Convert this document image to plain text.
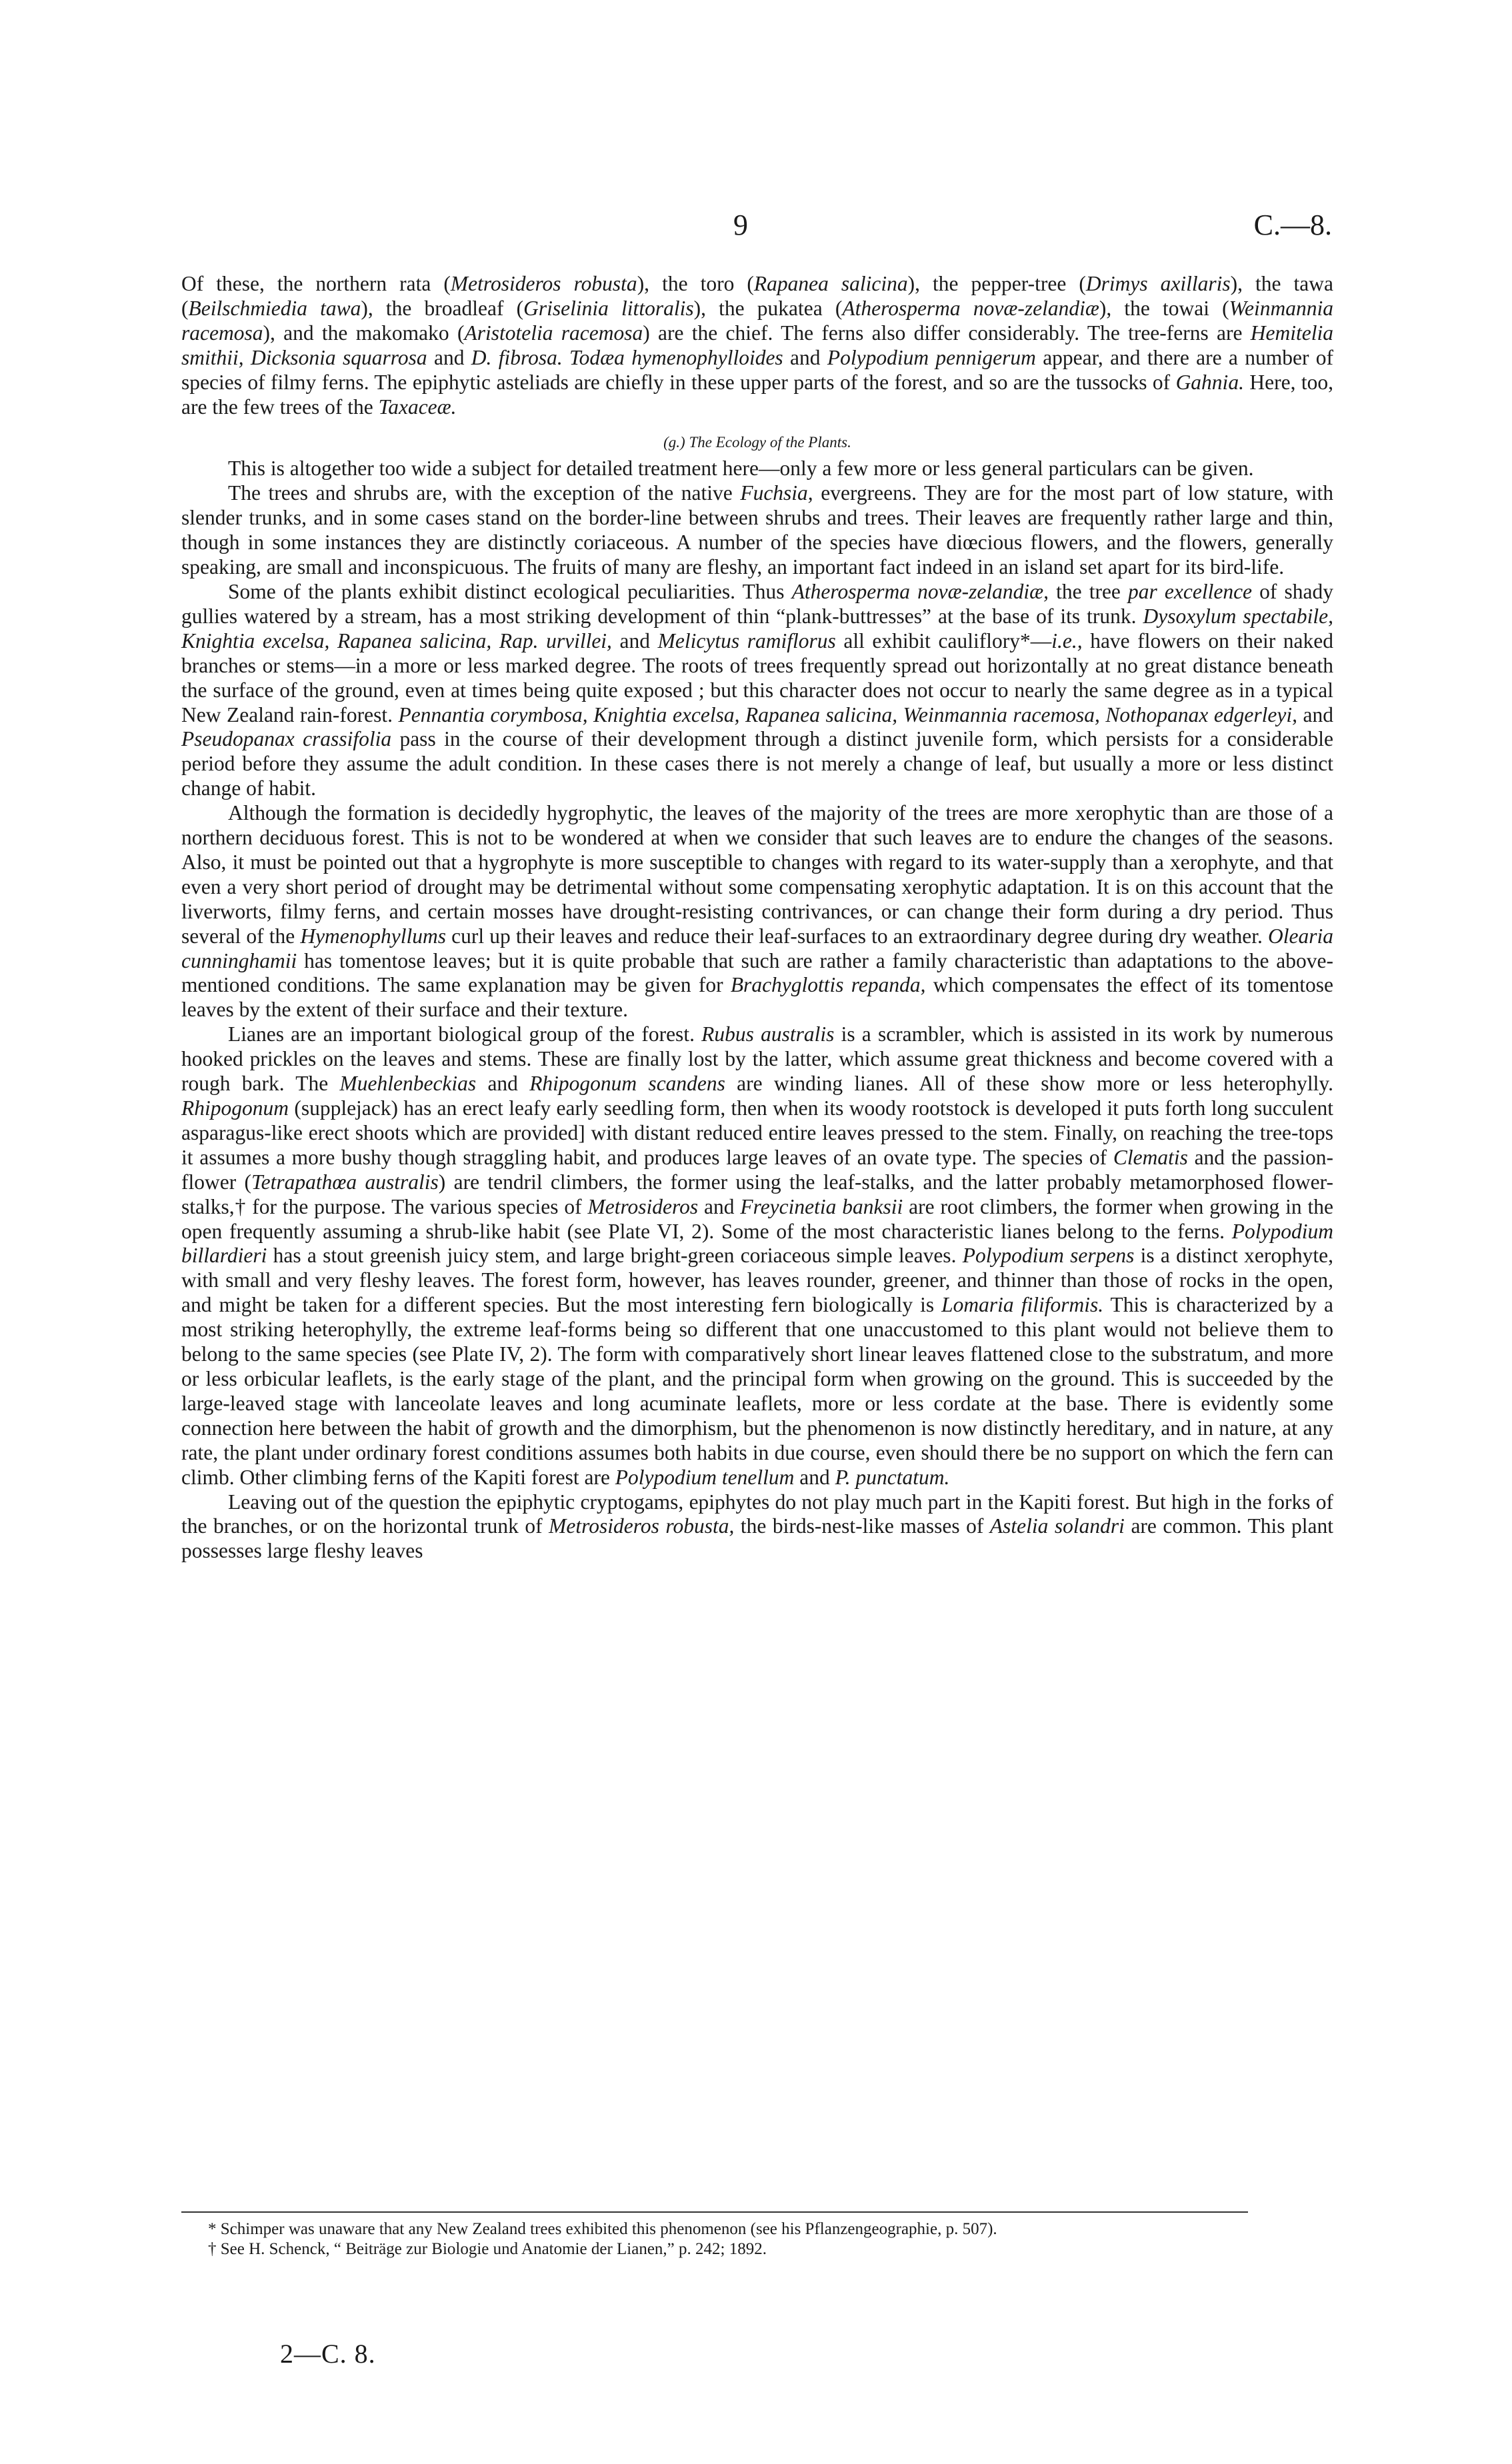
9	C.—8.

Of these, the northern rata (Metrosideros robusta), the toro (Rapanea salicina), the pepper-tree (Drimys axillaris), the tawa (Beilschmiedia tawa), the broadleaf (Griselinia littoralis), the pukatea (Atherosperma novæ-zelandiæ), the towai (Weinmannia racemosa), and the makomako (Aristotelia racemosa) are the chief. The ferns also differ considerably. The tree-ferns are Hemitelia smithii, Dicksonia squarrosa and D. fibrosa. Todæa hymenophylloides and Polypodium pennigerum appear, and there are a number of species of filmy ferns. The epiphytic asteliads are chiefly in these upper parts of the forest, and so are the tussocks of Gahnia. Here, too, are the few trees of the Taxaceæ.

(g.) The Ecology of the Plants.

This is altogether too wide a subject for detailed treatment here—only a few more or less general particulars can be given.

The trees and shrubs are, with the exception of the native Fuchsia, evergreens. They are for the most part of low stature, with slender trunks, and in some cases stand on the border-line between shrubs and trees. Their leaves are frequently rather large and thin, though in some instances they are distinctly coriaceous. A number of the species have diœcious flowers, and the flowers, generally speaking, are small and inconspicuous. The fruits of many are fleshy, an important fact indeed in an island set apart for its bird-life.

Some of the plants exhibit distinct ecological peculiarities. Thus Atherosperma novæ-zelandiæ, the tree par excellence of shady gullies watered by a stream, has a most striking development of thin “plank-buttresses” at the base of its trunk. Dysoxylum spectabile, Knightia excelsa, Rapanea salicina, Rap. urvillei, and Melicytus ramiflorus all exhibit cauliflory*—i.e., have flowers on their naked branches or stems—in a more or less marked degree. The roots of trees frequently spread out horizontally at no great distance beneath the surface of the ground, even at times being quite exposed ; but this character does not occur to nearly the same degree as in a typical New Zealand rain-forest. Pennantia corymbosa, Knightia excelsa, Rapanea salicina, Weinmannia racemosa, Nothopanax edgerleyi, and Pseudopanax crassifolia pass in the course of their development through a distinct juvenile form, which persists for a considerable period before they assume the adult condition. In these cases there is not merely a change of leaf, but usually a more or less distinct change of habit.

Although the formation is decidedly hygrophytic, the leaves of the majority of the trees are more xerophytic than are those of a northern deciduous forest. This is not to be wondered at when we consider that such leaves are to endure the changes of the seasons. Also, it must be pointed out that a hygrophyte is more susceptible to changes with regard to its water-supply than a xerophyte, and that even a very short period of drought may be detrimental without some compensating xerophytic adaptation. It is on this account that the liverworts, filmy ferns, and certain mosses have drought-resisting contrivances, or can change their form during a dry period. Thus several of the Hymenophyllums curl up their leaves and reduce their leaf-surfaces to an extraordinary degree during dry weather. Olearia cunninghamii has tomentose leaves; but it is quite probable that such are rather a family characteristic than adaptations to the above-mentioned conditions. The same explanation may be given for Brachyglottis repanda, which compensates the effect of its tomentose leaves by the extent of their surface and their texture.

Lianes are an important biological group of the forest. Rubus australis is a scrambler, which is assisted in its work by numerous hooked prickles on the leaves and stems. These are finally lost by the latter, which assume great thickness and become covered with a rough bark. The Muehlenbeckias and Rhipogonum scandens are winding lianes. All of these show more or less heterophylly. Rhipogonum (supplejack) has an erect leafy early seedling form, then when its woody rootstock is developed it puts forth long succulent asparagus-like erect shoots which are provided] with distant reduced entire leaves pressed to the stem. Finally, on reaching the tree-tops it assumes a more bushy though straggling habit, and produces large leaves of an ovate type. The species of Clematis and the passion-flower (Tetrapathœa australis) are tendril climbers, the former using the leaf-stalks, and the latter probably metamorphosed flower-stalks,† for the purpose. The various species of Metrosideros and Freycinetia banksii are root climbers, the former when growing in the open frequently assuming a shrub-like habit (see Plate VI, 2). Some of the most characteristic lianes belong to the ferns. Polypodium billardieri has a stout greenish juicy stem, and large bright-green coriaceous simple leaves. Polypodium serpens is a distinct xerophyte, with small and very fleshy leaves. The forest form, however, has leaves rounder, greener, and thinner than those of rocks in the open, and might be taken for a different species. But the most interesting fern biologically is Lomaria filiformis. This is characterized by a most striking heterophylly, the extreme leaf-forms being so different that one unaccustomed to this plant would not believe them to belong to the same species (see Plate IV, 2). The form with comparatively short linear leaves flattened close to the substratum, and more or less orbicular leaflets, is the early stage of the plant, and the principal form when growing on the ground. This is succeeded by the large-leaved stage with lanceolate leaves and long acuminate leaflets, more or less cordate at the base. There is evidently some connection here between the habit of growth and the dimorphism, but the phenomenon is now distinctly hereditary, and in nature, at any rate, the plant under ordinary forest conditions assumes both habits in due course, even should there be no support on which the fern can climb. Other climbing ferns of the Kapiti forest are Polypodium tenellum and P. punctatum.

Leaving out of the question the epiphytic cryptogams, epiphytes do not play much part in the Kapiti forest. But high in the forks of the branches, or on the horizontal trunk of Metrosideros robusta, the birds-nest-like masses of Astelia solandri are common. This plant possesses large fleshy leaves

* Schimper was unaware that any New Zealand trees exhibited this phenomenon (see his Pflanzengeographie, p. 507).

† See H. Schenck, “ Beiträge zur Biologie und Anatomie der Lianen,” p. 242; 1892.

2—C. 8.
